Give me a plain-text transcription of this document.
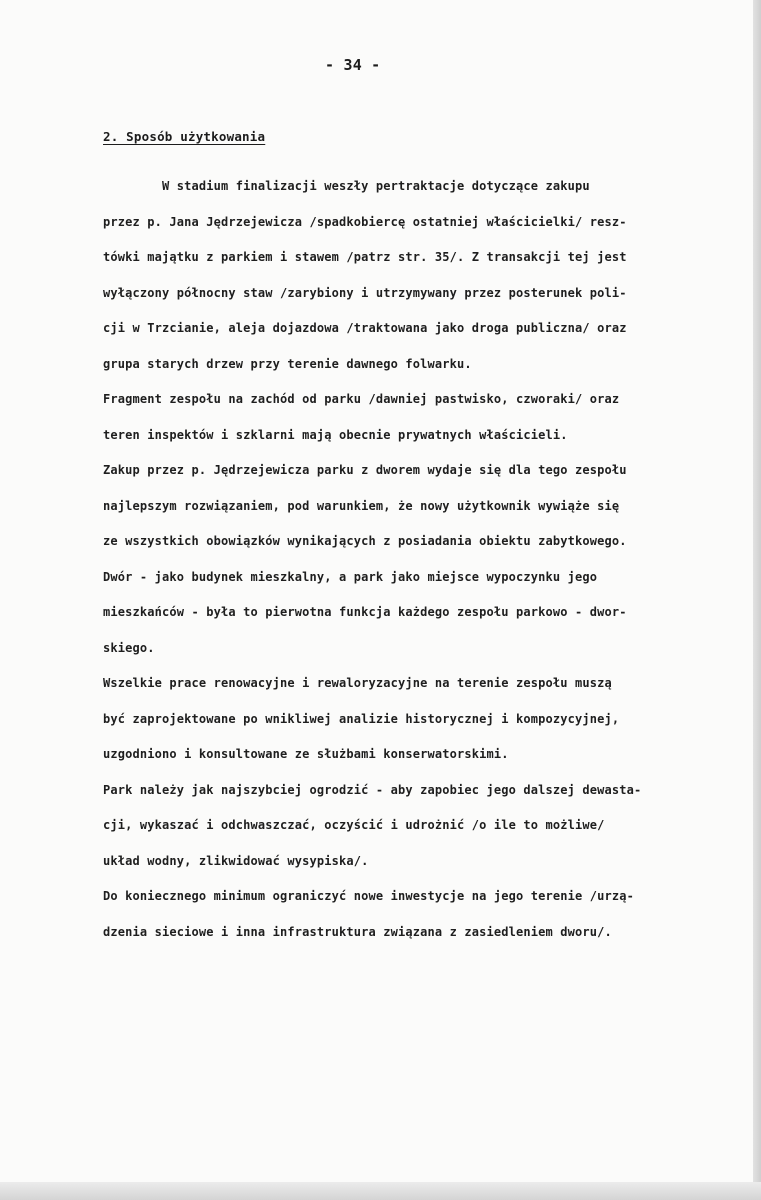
- 34 -
2. Sposób użytkowania
W stadium finalizacji weszły pertraktacje dotyczące zakupu
przez p. Jana Jędrzejewicza /spadkobiercę ostatniej właścicielki/ resz-
tówki majątku z parkiem i stawem /patrz str. 35/. Z transakcji tej jest
wyłączony północny staw /zarybiony i utrzymywany przez posterunek poli-
cji w Trzcianie, aleja dojazdowa /traktowana jako droga publiczna/ oraz
grupa starych drzew przy terenie dawnego folwarku.
Fragment zespołu na zachód od parku /dawniej pastwisko, czworaki/ oraz
teren inspektów i szklarni mają obecnie prywatnych właścicieli.
Zakup przez p. Jędrzejewicza parku z dworem wydaje się dla tego zespołu
najlepszym rozwiązaniem, pod warunkiem, że nowy użytkownik wywiąże się
ze wszystkich obowiązków wynikających z posiadania obiektu zabytkowego.
Dwór - jako budynek mieszkalny, a park jako miejsce wypoczynku jego
mieszkańców - była to pierwotna funkcja każdego zespołu parkowo - dwor-
skiego.
Wszelkie prace renowacyjne i rewaloryzacyjne na terenie zespołu muszą
być zaprojektowane po wnikliwej analizie historycznej i kompozycyjnej,
uzgodniono i konsultowane ze służbami konserwatorskimi.
Park należy jak najszybciej ogrodzić - aby zapobiec jego dalszej dewasta-
cji, wykaszać i odchwaszczać, oczyścić i udrożnić /o ile to możliwe/
układ wodny, zlikwidować wysypiska/.
Do koniecznego minimum ograniczyć nowe inwestycje na jego terenie /urzą-
dzenia sieciowe i inna infrastruktura związana z zasiedleniem dworu/.
